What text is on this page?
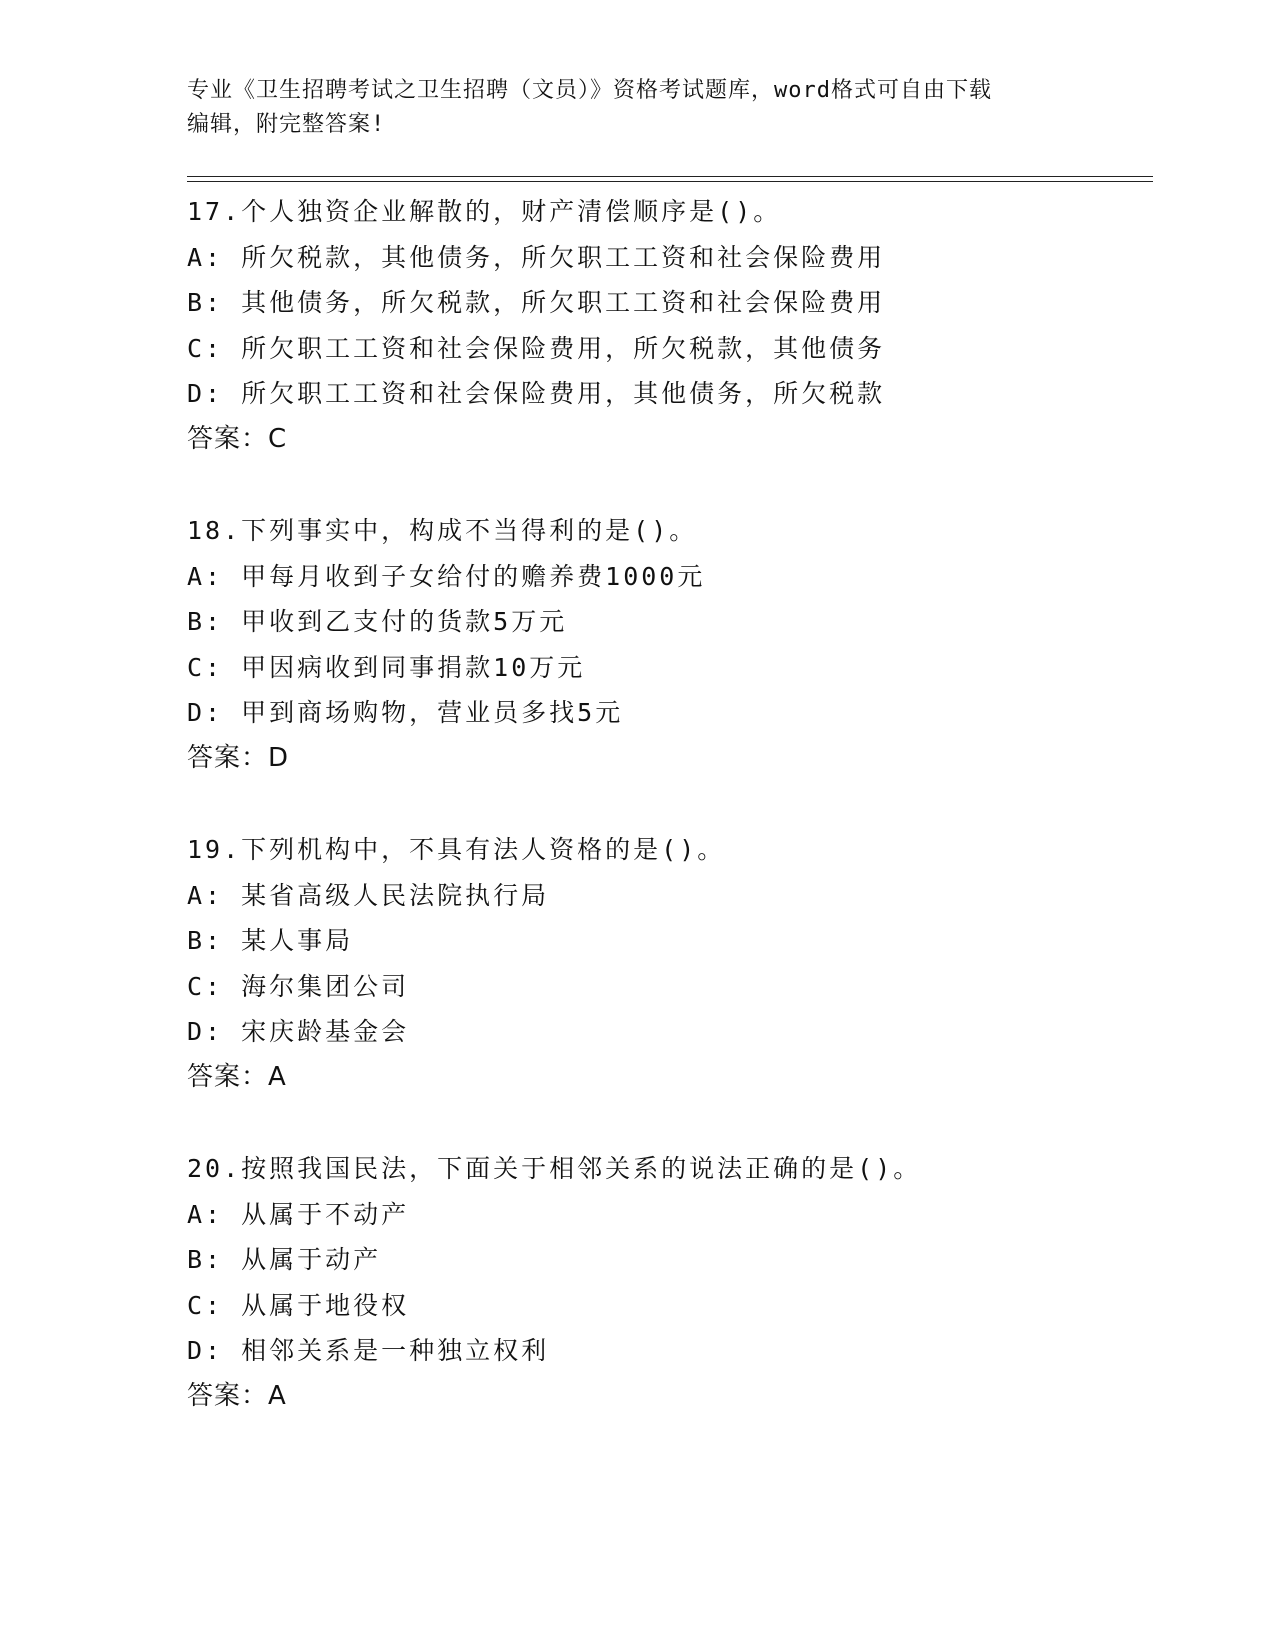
专业《卫生招聘考试之卫生招聘（文员）》资格考试题库，word格式可自由下载
编辑，附完整答案!
17.个人独资企业解散的，财产清偿顺序是()。
A: 所欠税款，其他债务，所欠职工工资和社会保险费用
B: 其他债务，所欠税款，所欠职工工资和社会保险费用
C: 所欠职工工资和社会保险费用，所欠税款，其他债务
D: 所欠职工工资和社会保险费用，其他债务，所欠税款
答案：C
18.下列事实中，构成不当得利的是()。
A: 甲每月收到子女给付的赡养费1000元
B: 甲收到乙支付的货款5万元
C: 甲因病收到同事捐款10万元
D: 甲到商场购物，营业员多找5元
答案：D
19.下列机构中，不具有法人资格的是()。
A: 某省高级人民法院执行局
B: 某人事局
C: 海尔集团公司
D: 宋庆龄基金会
答案：A
20.按照我国民法，下面关于相邻关系的说法正确的是()。
A: 从属于不动产
B: 从属于动产
C: 从属于地役权
D: 相邻关系是一种独立权利
答案：A
